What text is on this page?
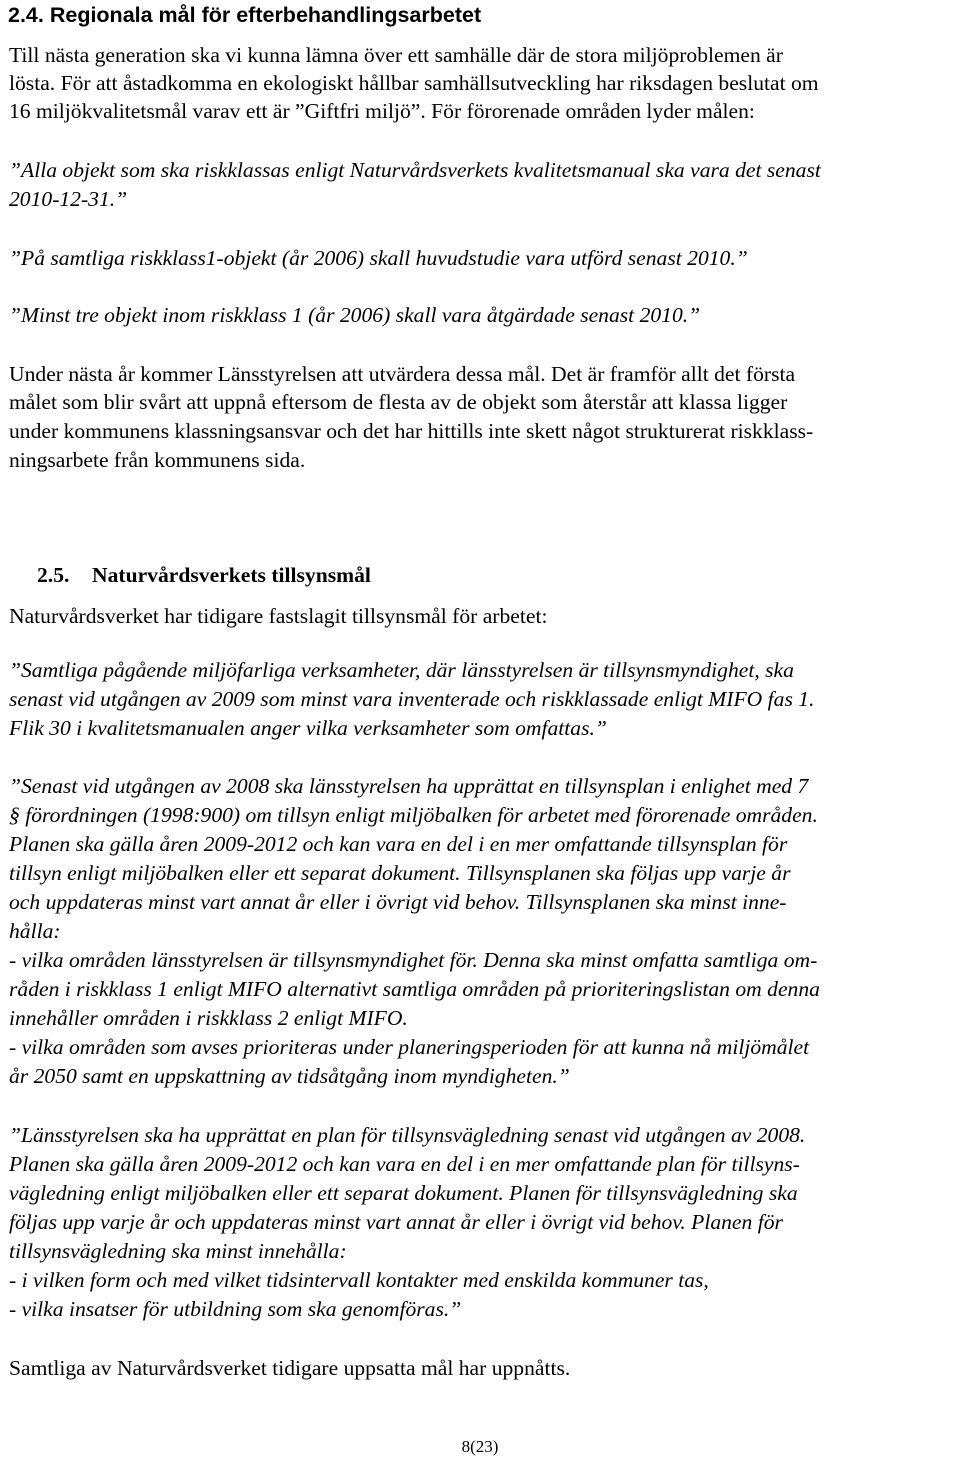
2.4. Regionala mål för efterbehandlingsarbetet
Till nästa generation ska vi kunna lämna över ett samhälle där de stora miljöproblemen är
lösta. För att åstadkomma en ekologiskt hållbar samhällsutveckling har riksdagen beslutat om
16 miljökvalitetsmål varav ett är ”Giftfri miljö”. För förorenade områden lyder målen:
”Alla objekt som ska riskklassas enligt Naturvårdsverkets kvalitetsmanual ska vara det senast
2010-12-31.”
”På samtliga riskklass1-objekt (år 2006) skall huvudstudie vara utförd senast 2010.”
”Minst tre objekt inom riskklass 1 (år 2006) skall vara åtgärdade senast 2010.”
Under nästa år kommer Länsstyrelsen att utvärdera dessa mål. Det är framför allt det första
målet som blir svårt att uppnå eftersom de flesta av de objekt som återstår att klassa ligger
under kommunens klassningsansvar och det har hittills inte skett något strukturerat riskklass-
ningsarbete från kommunens sida.
2.5. Naturvårdsverkets tillsynsmål
Naturvårdsverket har tidigare fastslagit tillsynsmål för arbetet:
”Samtliga pågående miljöfarliga verksamheter, där länsstyrelsen är tillsynsmyndighet, ska
senast vid utgången av 2009 som minst vara inventerade och riskklassade enligt MIFO fas 1.
Flik 30 i kvalitetsmanualen anger vilka verksamheter som omfattas.”
”Senast vid utgången av 2008 ska länsstyrelsen ha upprättat en tillsynsplan i enlighet med 7
§ förordningen (1998:900) om tillsyn enligt miljöbalken för arbetet med förorenade områden.
Planen ska gälla åren 2009-2012 och kan vara en del i en mer omfattande tillsynsplan för
tillsyn enligt miljöbalken eller ett separat dokument. Tillsynsplanen ska följas upp varje år
och uppdateras minst vart annat år eller i övrigt vid behov. Tillsynsplanen ska minst inne-
hålla:
- vilka områden länsstyrelsen är tillsynsmyndighet för. Denna ska minst omfatta samtliga om-
råden i riskklass 1 enligt MIFO alternativt samtliga områden på prioriteringslistan om denna
innehåller områden i riskklass 2 enligt MIFO.
- vilka områden som avses prioriteras under planeringsperioden för att kunna nå miljömålet
år 2050 samt en uppskattning av tidsåtgång inom myndigheten.”
”Länsstyrelsen ska ha upprättat en plan för tillsynsvägledning senast vid utgången av 2008.
Planen ska gälla åren 2009-2012 och kan vara en del i en mer omfattande plan för tillsyns-
vägledning enligt miljöbalken eller ett separat dokument. Planen för tillsynsvägledning ska
följas upp varje år och uppdateras minst vart annat år eller i övrigt vid behov. Planen för
tillsynsvägledning ska minst innehålla:
- i vilken form och med vilket tidsintervall kontakter med enskilda kommuner tas,
- vilka insatser för utbildning som ska genomföras.”
Samtliga av Naturvårdsverket tidigare uppsatta mål har uppnåtts.
8(23)
